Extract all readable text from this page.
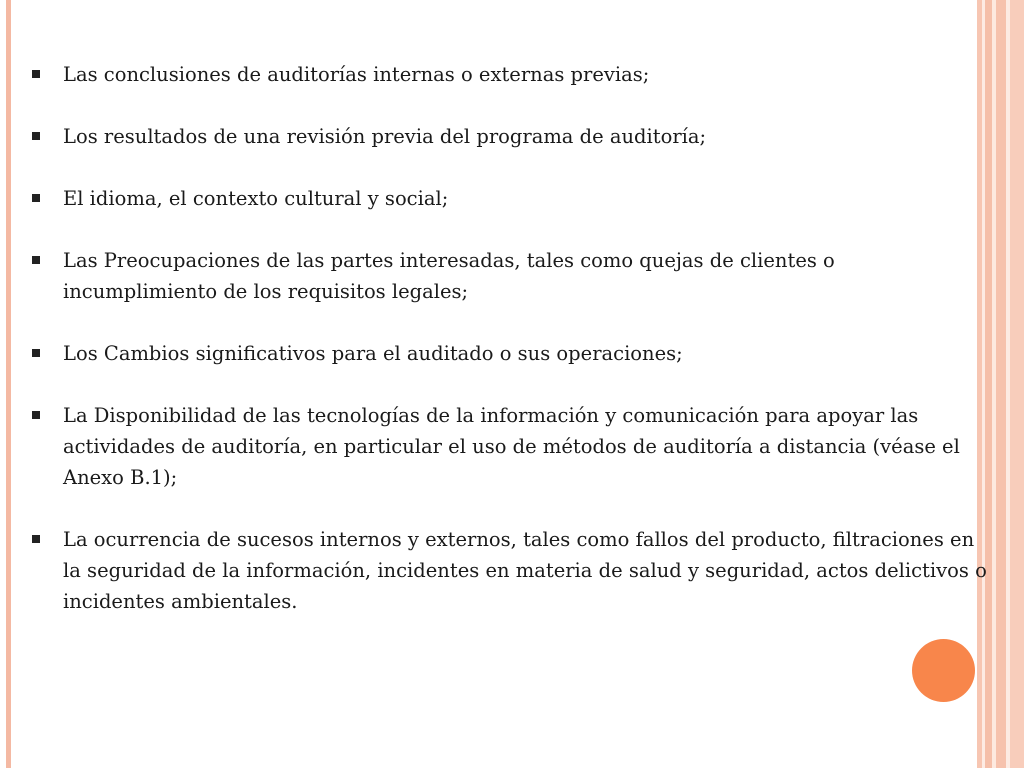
Las conclusiones de auditorías internas o externas previas;
Los resultados de una revisión previa del programa de auditoría;
El idioma, el contexto cultural y social;
Las Preocupaciones de las partes interesadas, tales como quejas de clientes o incumplimiento de los requisitos legales;
Los Cambios significativos para el auditado o sus operaciones;
La Disponibilidad de las tecnologías de la información y comunicación para apoyar las actividades de auditoría, en particular el uso de métodos de auditoría a distancia (véase el Anexo B.1);
La ocurrencia de sucesos internos y externos, tales como fallos del producto, filtraciones en la seguridad de la información, incidentes en materia de salud y seguridad, actos delictivos o incidentes ambientales.
